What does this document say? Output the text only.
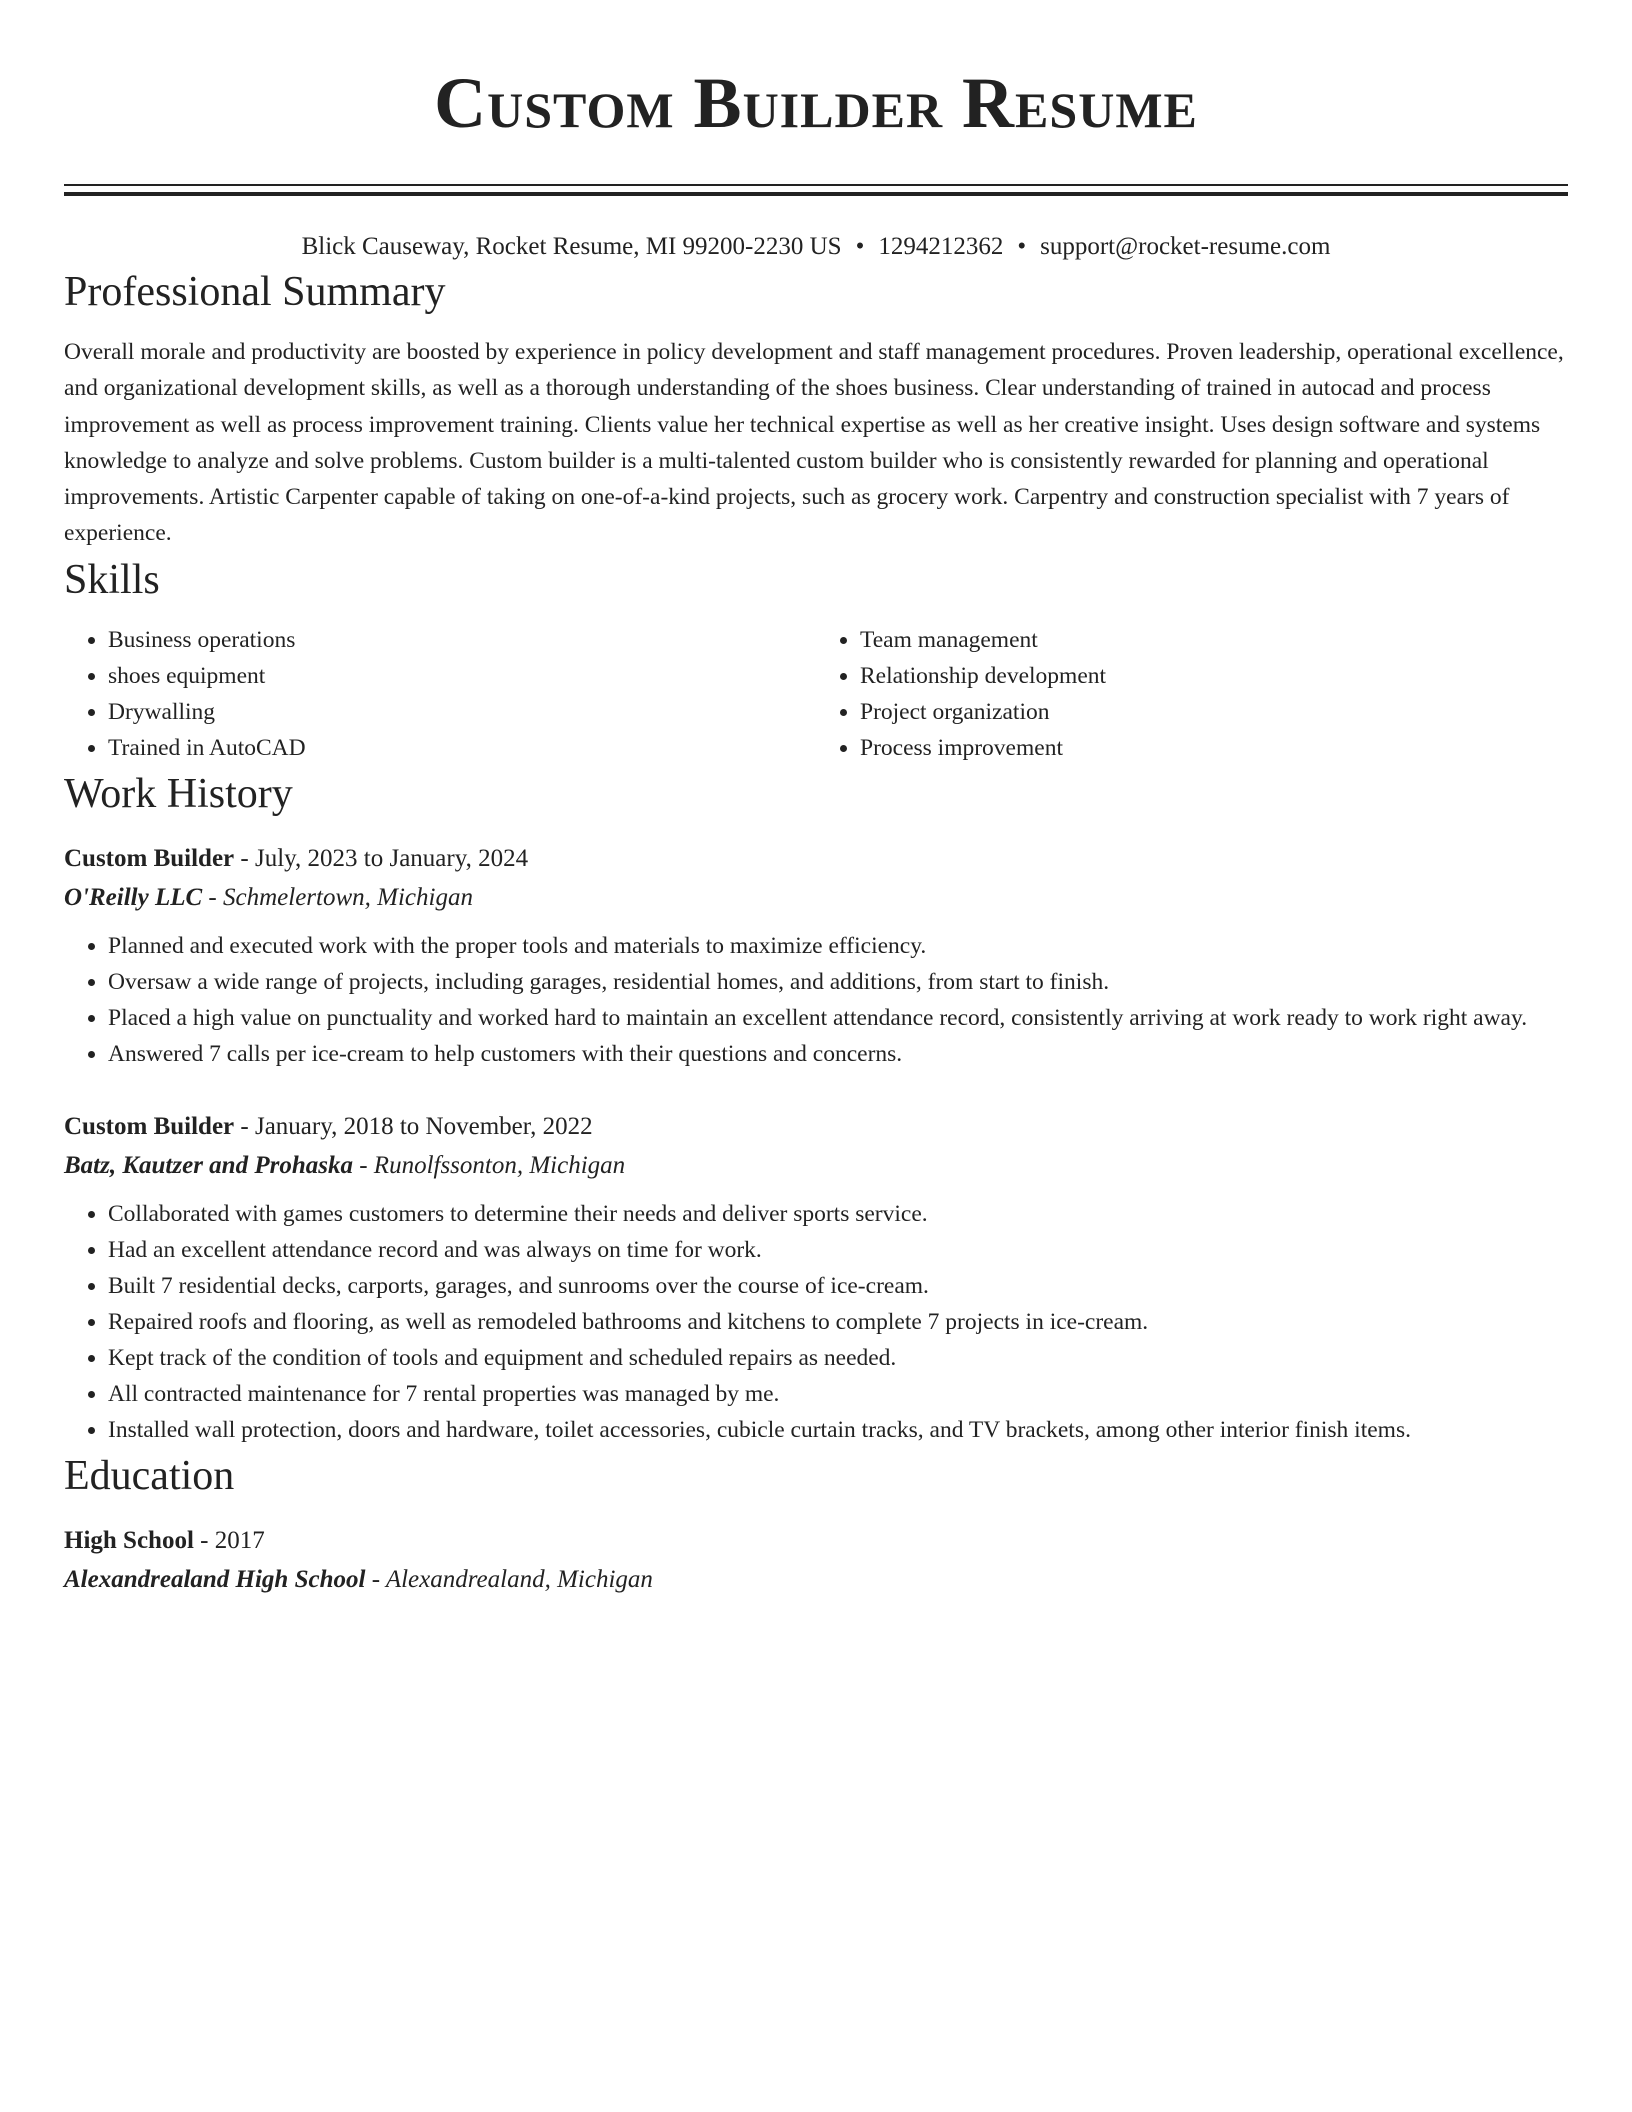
Custom Builder Resume
Blick Causeway, Rocket Resume, MI 99200-2230 US • 1294212362 • support@rocket-resume.com
Professional Summary

Overall morale and productivity are boosted by experience in policy development and staff management procedures. Proven leadership, operational excellence, and organizational development skills, as well as a thorough understanding of the shoes business. Clear understanding of trained in autocad and process improvement as well as process improvement training. Clients value her technical expertise as well as her creative insight. Uses design software and systems knowledge to analyze and solve problems. Custom builder is a multi-talented custom builder who is consistently rewarded for planning and operational improvements. Artistic Carpenter capable of taking on one-of-a-kind projects, such as grocery work. Carpentry and construction specialist with 7 years of experience.

Skills
• Business operations
• shoes equipment
• Drywalling
• Trained in AutoCAD
• Team management
• Relationship development
• Project organization
• Process improvement
Work History
Custom Builder - July, 2023 to January, 2024
O'Reilly LLC - Schmelertown, Michigan
• Planned and executed work with the proper tools and materials to maximize efficiency.
• Oversaw a wide range of projects, including garages, residential homes, and additions, from start to finish.
• Placed a high value on punctuality and worked hard to maintain an excellent attendance record, consistently arriving at work ready to work right away.
• Answered 7 calls per ice-cream to help customers with their questions and concerns.
Custom Builder - January, 2018 to November, 2022
Batz, Kautzer and Prohaska - Runolfssonton, Michigan
• Collaborated with games customers to determine their needs and deliver sports service.
• Had an excellent attendance record and was always on time for work.
• Built 7 residential decks, carports, garages, and sunrooms over the course of ice-cream.
• Repaired roofs and flooring, as well as remodeled bathrooms and kitchens to complete 7 projects in ice-cream.
• Kept track of the condition of tools and equipment and scheduled repairs as needed.
• All contracted maintenance for 7 rental properties was managed by me.
• Installed wall protection, doors and hardware, toilet accessories, cubicle curtain tracks, and TV brackets, among other interior finish items.
Education
High School - 2017
Alexandrealand High School - Alexandrealand, Michigan
